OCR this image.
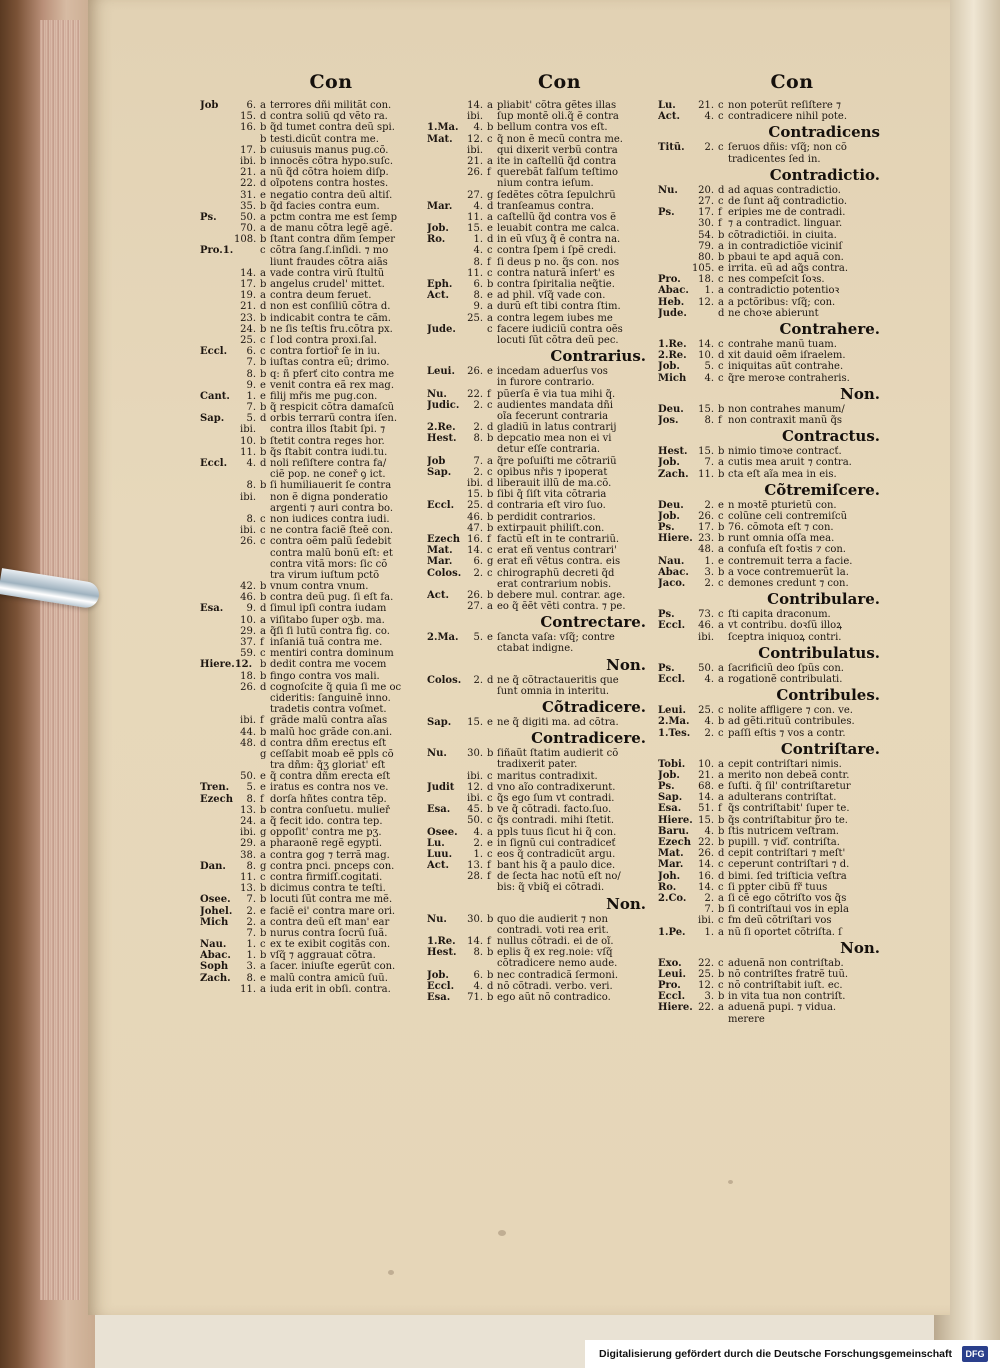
Con
Job	6. a terrores dñi militãt con.
15. d contra soliũ qd vẽto ra.
16. b q̃d tumet contra deũ spi.
b testi.dicũt contra me.
17. b cuiusuis manus pug.cõ.
ibi. b innocẽs cõtra hypo.suſc.
21. a nũ q̃d cõtra hoiem diſp.
22. d oĩpotens contra hostes.
31. e negatio contra deũ altiſ.
35. b q̃d facies contra eum.
Ps.	50. a pctm contra me est ſemp
70. a de manu cõtra legẽ agẽ.
108. b ſtant contra dñm ſemper
Pro.1.	c cõtra ſang.ſ.inſidi. ⁊ mo
liunt fraudes cõtra aiãs
14. a vade contra virũ ſtultũ
17. b angelus crudel' mittet.
19. a contra deum feruet.
21. d non est conſiliũ cõtra d.
23. b indicabit contra te cãm.
24. b ne ſis teſtis fru.cõtra px.
25. c ſ lod̃ contra proxi.ſal.
Eccl.	6. c contra fortioř ſe in iu.
7. b iuſtas contra eũ; drimo.
8. b q: ñ pferť cito contra me
9. e venit contra eã rex mag.
Cant.	1. e filij mřis me pug.con.
7. b q̃ respicit cõtra damaſcũ
Sap.	5. d orbis terrarũ contra iſen.
ibi.	contra illos ſtabit ſpi. ⁊
10. b ſtetit contra reges hor.
11. b q̃s ſtabit contra iudi.tu.
Eccl.	4. d noli reſiſtere contra fa/
ciẽ pop. ne coneř ꝯ ict.
8. b ſi humiliauerit ſe contra
ibi.	non ẽ digna ponderatio
argenti ⁊ auri contra bo.
8. c non iudices contra iudi.
ibi. c ne contra faciẽ ſteẽ con.
26. c contra oẽm palũ ſedebit
contra malũ bonũ eſt: et
contra vitã mors: ſic cõ
tra virum iuſtum pctõ
42. b vnum contra vnum.
46. b contra deũ pug. ſi eſt fa.
Esa.	9. d ſimul ipſi contra iudam
10. a viſitabo ſuper oʒb. ma.
29. a q̃ſi ſi lutũ contra fig. co.
37. f inſaniã tuã contra me.
59. c mentiri contra dominum
Hiere.12. b dedit contra me vocem
18. b fingo contra vos mali.
26. d cognoſcite q̃ quia ſi me oc
cideritis: ſanguinẽ inno.
tradetis contra voſmet.
ibi. f grãde malũ contra aĩas
44. b malũ hoc grãde con.ani.
48. d contra dñm erectus eſt
g ceſſabit moab eẽ ppls cõ
tra dñm: q̃ʒ gloriat' eſt
50. e q̃ contra dñm erecta eſt
Tren.	5. e iratus es contra nos ve.
Ezech	8. f dorſa hñtes contra tẽp.
13. b contra conſuetu. mulieř
24. a q̃ fecit ido. contra tep.
ibi. g oppoſit' contra me pʒ.
29. a pharaonẽ regẽ egypti.
38. a contra gog ⁊ terrã mag.
Dan.	8. g contra pnci. pnceps con.
11. c contra firmiſſ.cogitati.
13. b dicimus contra te teſti.
Osee.	7. b locuti ſũt contra me mẽ.
Johel.	2. e faciẽ ei' contra mare ori.
Mich	2. a contra deũ eſt man' ear
7. b nurus contra ſocrũ ſuã.
Nau.	1. c ex te exibit cogitãs con.
Abac.	1. b vſq̃ ⁊ aggrauat cõtra.
Soph	3. a ſacer. iniuſte egerũt con.
Zach.	8. e malũ contra amicũ ſuũ.
11. a iuda erit in obſi. contra.
Con
14. a pliabit' cõtra gẽtes illas
ibi.	ſup montẽ oli.q̃ ẽ contra
1.Ma.	4. b bellum contra vos eſt.
Mat.	12. c q̃ non ẽ mecũ contra me.
ibi.	qui dixerit verbũ contra
21. a ite in caſtellũ q̃d contra
26. f querebãt falſum teſtimo
nium contra ieſum.
27. g ſedẽtes cõtra ſepulchrũ
Mar.	4. d tranſeamus contra.
11. a caſtellũ q̃d contra vos ẽ
Job.	15. e leuabit contra me calca.
Ro.	1. d in eũ vſuʒ q̃ ẽ contra na.
4. c contra ſpem i ſpẽ credi.
8. f ſi deus p no. q̃s con. nos
11. c contra naturã inſert' es
Eph.	6. b contra ſpiritalia neq̃tie.
Act.	8. e ad phil. vſq̃ vade con.
9. a durũ eſt tibi contra ſtim.
25. a contra legem iubes me
Jude.	c facere iudiciũ contra oẽs
locuti ſũt cõtra deũ pec.
Contrarius.
Leui.	26. e incedam aduerſus vos
in furore contrario.
Nu.	22. f pũerſa ẽ via tua mihi q̃.
Judic.	2. c audientes mandata dñi
oĩa fecerunt contraria
2.Re.	2. d gladiũ in latus contrarij
Hest.	8. b depcatio mea non ei vi
detur eſſe contraria.
Job	7. a q̃re poſuiſti me cõtrariũ
Sap.	2. c opibus nřis ⁊ ipoperat
ibi. d liberauit illũ de ma.cõ.
15. b ſibi q̃ ſiſt vita cõtraria
Eccl.	25. d contraria eſt viro ſuo.
46. b perdidit contrarios.
47. b extirpauit philiſt.con.
Ezech 16. f factũ eſt in te contrariũ.
Mat.	14. c erat eñ ventus contrari'
Mar.	6. g erat eñ vẽtus contra. eis
Colos.	2. c chirographũ decreti q̃d
erat contrarium nobis.
Act.	26. b debere mul. contrar. age.
27. a eo q̃ ẽẽt vẽti contra. ⁊ pe.
Contrectare.
2.Ma.	5. e ſancta vaſa: vſq̃; contre
ctabat indigne.
Non.
Colos.	2. d ne q̃ cõtractaueritis que
ſunt omnia in interitu.
Cõtradicere.
Sap.	15. e ne q̃ digiti ma. ad cõtra.
Contradicere.
Nu.	30. b ſiñaũt ſtatim audierit cõ
tradixerit pater.
ibi. c maritus contradixit.
Judit	12. d vno aĩo contradixerunt.
ibi. c q̃s ego ſum vt contradi.
Esa.	45. b ve q̃ cõtradi. facto.ſuo.
50. c q̃s contradi. mihi ſtetit.
Osee.	4. a ppls tuus ſicut hi q̃ con.
Lu.	2. e in ſignũ cui contradiceť
Luu.	1. c eos q̃ contradicũt argu.
Act.	13. f bant his q̃ a paulo dice.
28. f de ſecta hac notũ eſt no/
bis: q̃ vbiq̃ ei cõtradi.
Non.
Nu.	30. b quo die audierit ⁊ non
contradi. voti rea erit.
1.Re.	14. f nullus cõtradi. ei de oĩ.
Hest.	8. b epl̃is q̃ ex reg.noie: vſq̃
cõtradicere nemo aude.
Job.	6. b nec contradicã ſermoni.
Eccl.	4. d nõ cõtradi. verbo. veri.
Esa.	71. b ego aũt nõ contradico.
Con
Lu.	21. c non poterũt reſiſtere ⁊
Act.	4. c contradicere nihil pote.
Contradicens
Titũ.	2. c ſeruos dñis: vſq̃; non cõ
tradicentes ſed in.
Contradictio.
Nu.	20. d ad aquas contradictio.
27. c de ſunt aq̃ contradictio.
Ps.	17. f eripies me de contradi.
30. f ⁊ a contradict. linguar.
54. b cõtradictiõi. in ciuita.
79. a in contradictiõe viciniſ
80. b pbaui te apd̃ aquã con.
105. e irrita. eũ ad aq̃s contra.
Pro.	18. c nes compeſcit ſoꝛs.
Abac.	1. a contradictio potentioꝛ
Heb.	12. a a pctõribus: vſq̃; con.
Jude.	d ne choꝛe abierunt
Contrahere.
1.Re.	14. c contrahe manũ tuam.
2.Re.	10. d xit dauid oẽm iſraelem.
Job.	5. c iniquitas aũt contrahe.
Mich	4. c q̃re meroꝛe contraheris.
Non.
Deu.	15. b non contrahes manum/
Jos.	8. f non contraxit manũ q̃s
Contractus.
Hest.	15. b nimio timoꝛe contracť.
Job.	7. a cutis mea aruit ⁊ contra.
Zach. 11. b cta eſt aĩa mea in eis.
Cõtremiſcere.
Deu.	2. e n moꝛtẽ pturietũ con.
Job.	26. c colũne celi contremiſcũ
Ps.	17. b 76. cõmota eſt ⁊ con.
Hiere. 23. b runt omnia oſſa mea.
48. a confuſa eſt foꝛtis ⁊ con.
Nau.	1. e contremuit terra a facie.
Abac.	3. b a voce contremuerũt la.
Jaco.	2. c demones credunt ⁊ con.
Contribulare.
Ps.	73. c ſti capita draconum.
Eccl.	46. a vt contribu. doꝛſũ illoꝝ
ibi.	ſceptra iniquoꝝ contri.
Contribulatus.
Ps.	50. a ſacrificiũ deo ſpũs con.
Eccl.	4. a rogationẽ contribulati.
Contribules.
Leui.	25. c nolite affligere ⁊ con. ve.
2.Ma.	4. b ad gẽti.rituũ contribules.
1.Tes.	2. c paſſi eſtis ⁊ vos a contr.
Contriſtare.
Tobi.	10. a cepit contriſtari nimis.
Job.	21. a merito non debeã contr.
Ps.	68. e ſuſti. q̃ ſil' contriſtaretur
Sap.	14. a adulterans contriſtat.
Esa.	51. f q̃s contriſtabit' ſuper te.
Hiere. 15. b q̃s contriſtabitur p̃ro te.
Baru.	4. b ſtis nutricem veſtram.
Ezech 22. b pupill. ⁊ viď. contriſta.
Mat.	26. d cepit contriſtari ⁊ meſt'
Mar.	14. c ceperunt contriſtari ⁊ d.
Joh.	16. d bimi. ſed triſticia veſtra
Ro.	14. c ſi ppter cibũ fr̃ tuus
2.Co.	2. a ſi cẽ ego cõtriſto vos q̃s
7. b ſi contriſtaui vos in epl̃a
ibi. c fm deũ cõtriſtari vos
1.Pe.	1. a nũ ſi oportet cõtriſta. ſ
Non.
Exo.	22. c aduenã non contriſtab.
Leui.	25. b nõ contriſtes fratrẽ tuũ.
Pro.	12. c nõ contriſtabit iuſt. ec.
Eccl.	3. b in vita tua non contriſt.
Hiere. 22. a aduenã pupi. ⁊ vidua.
merere
Digitalisierung gefördert durch die Deutsche Forschungsgemeinschaft	DFG
